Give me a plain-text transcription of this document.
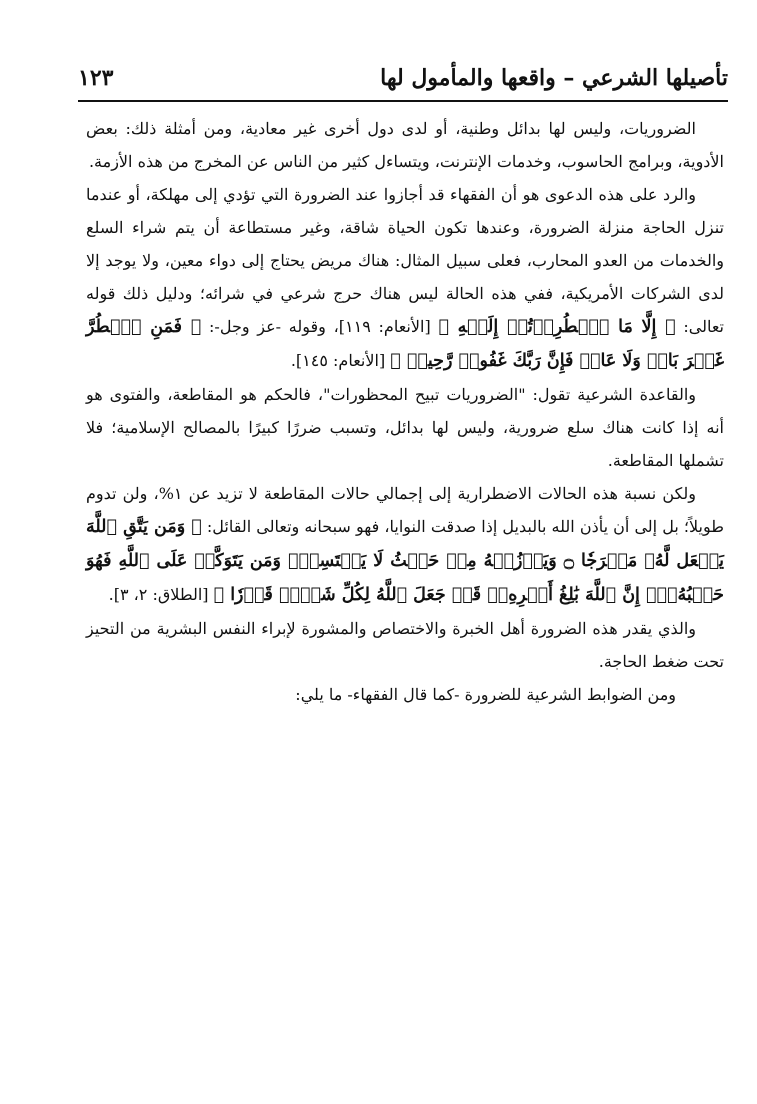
تأصيلها الشرعي – واقعها والمأمول لها
١٢٣

الضروريات، وليس لها بدائل وطنية، أو لدى دول أخرى غير معادية، ومن أمثلة ذلك: بعض الأدوية، وبرامج الحاسوب، وخدمات الإنترنت، ويتساءل كثير من الناس عن المخرج من هذه الأزمة.

والرد على هذه الدعوى هو أن الفقهاء قد أجازوا عند الضرورة التي تؤدي إلى مهلكة، أو عندما تنزل الحاجة منزلة الضرورة، وعندها تكون الحياة شاقة، وغير مستطاعة أن يتم شراء السلع والخدمات من العدو المحارب، فعلى سبيل المثال: هناك مريض يحتاج إلى دواء معين، ولا يوجد إلا لدى الشركات الأمريكية، ففي هذه الحالة ليس هناك حرج شرعي في شرائه؛ ودليل ذلك قوله تعالى: ﴿ إِلَّا مَا ٱضۡطُرِرۡتُمۡ إِلَيۡهِ ﴾ [الأنعام: ١١٩]، وقوله -عز وجل-: ﴿ فَمَنِ ٱضۡطُرَّ غَيۡرَ بَاغٖ وَلَا عَادٖ فَإِنَّ رَبَّكَ غَفُورٞ رَّحِيمٞ ﴾ [الأنعام: ١٤٥].

والقاعدة الشرعية تقول: "الضروريات تبيح المحظورات"، فالحكم هو المقاطعة، والفتوى هو أنه إذا كانت هناك سلع ضرورية، وليس لها بدائل، وتسبب ضررًا كبيرًا بالمصالح الإسلامية؛ فلا تشملها المقاطعة.

ولكن نسبة هذه الحالات الاضطرارية إلى إجمالي حالات المقاطعة لا تزيد عن ١%، ولن تدوم طويلاً؛ بل إلى أن يأذن الله بالبديل إذا صدقت النوايا، فهو سبحانه وتعالى القائل: ﴿ وَمَن يَتَّقِ ٱللَّهَ يَجۡعَل لَّهُۥ مَخۡرَجٗا ۝ وَيَرۡزُقۡهُ مِنۡ حَيۡثُ لَا يَحۡتَسِبُۚ وَمَن يَتَوَكَّلۡ عَلَى ٱللَّهِ فَهُوَ حَسۡبُهُۥٓۚ إِنَّ ٱللَّهَ بَٰلِغُ أَمۡرِهِۦۚ قَدۡ جَعَلَ ٱللَّهُ لِكُلِّ شَيۡءٖ قَدۡرٗا ﴾ [الطلاق: ٢، ٣].

والذي يقدر هذه الضرورة أهل الخبرة والاختصاص والمشورة لإبراء النفس البشرية من التحيز تحت ضغط الحاجة.

ومن الضوابط الشرعية للضرورة -كما قال الفقهاء- ما يلي:
